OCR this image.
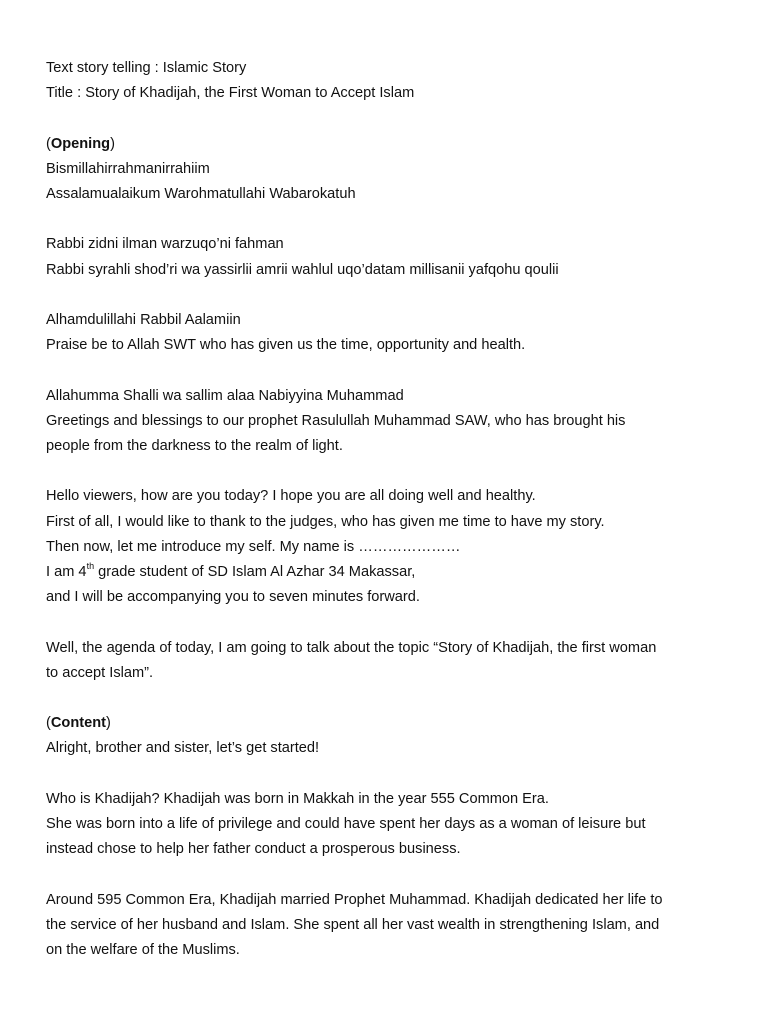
Text story telling : Islamic Story
Title : Story of Khadijah, the First Woman to Accept Islam
(Opening)
Bismillahirrahmanirrahiim
Assalamualaikum Warohmatullahi Wabarokatuh
Rabbi zidni ilman warzuqo’ni fahman
Rabbi syrahli shod’ri wa yassirlii amrii wahlul uqo’datam millisanii yafqohu qoulii
Alhamdulillahi Rabbil Aalamiin
Praise be to Allah SWT who has given us the time, opportunity and health.
Allahumma Shalli wa sallim alaa Nabiyyina Muhammad
Greetings and blessings to our prophet Rasulullah Muhammad SAW, who has brought his
people from the darkness to the realm of light.
Hello viewers, how are you today? I hope you are all doing well and healthy.
First of all, I would like to thank to the judges, who has given me time to have my story.
Then now, let me introduce my self. My name is …………………
I am 4th grade student of SD Islam Al Azhar 34 Makassar,
and I will be accompanying you to seven minutes forward.
Well, the agenda of today, I am going to talk about the topic “Story of Khadijah, the first woman
to accept Islam”.
(Content)
Alright, brother and sister, let’s get started!
Who is Khadijah? Khadijah was born in Makkah in the year 555 Common Era.
She was born into a life of privilege and could have spent her days as a woman of leisure but
instead chose to help her father conduct a prosperous business.
Around 595 Common Era, Khadijah married Prophet Muhammad. Khadijah dedicated her life to
the service of her husband and Islam. She spent all her vast wealth in strengthening Islam, and
on the welfare of the Muslims.
